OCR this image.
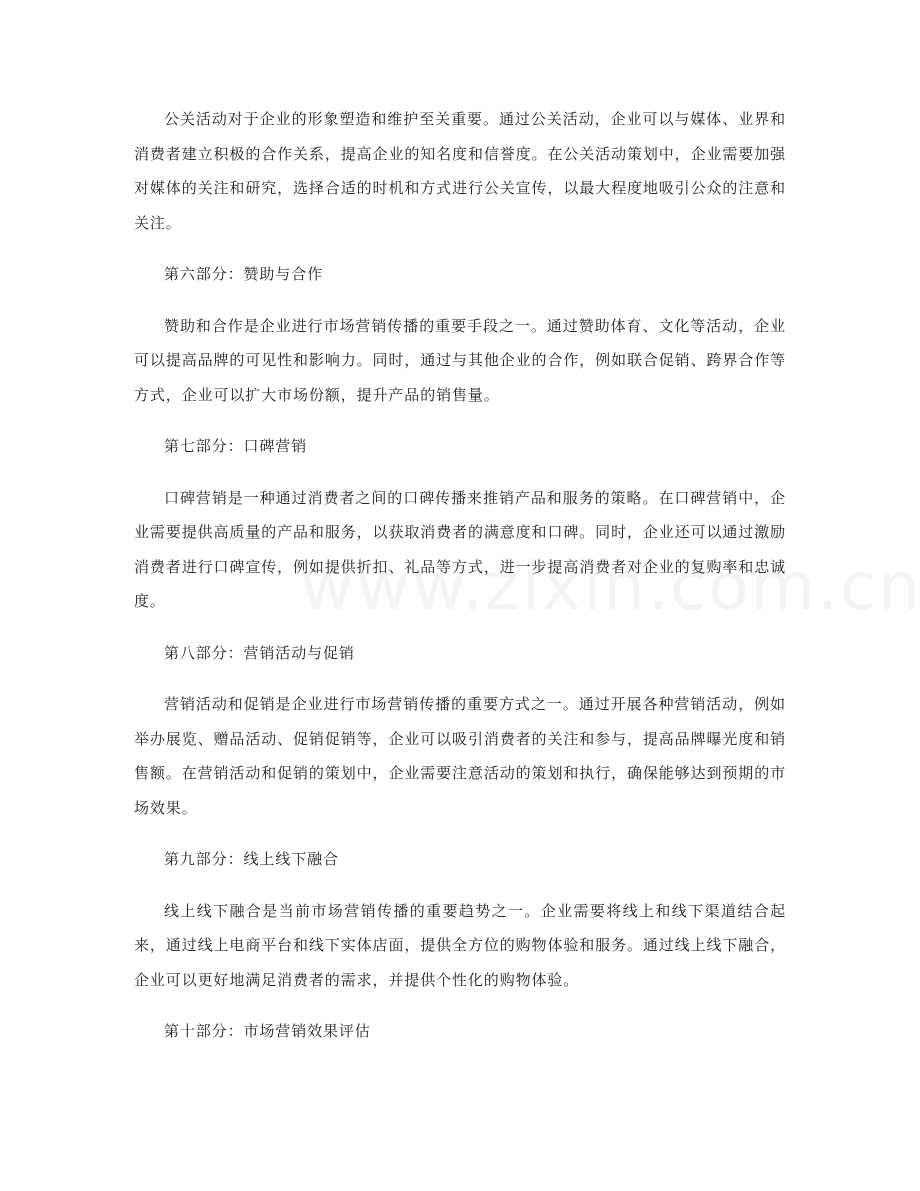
公关活动对于企业的形象塑造和维护至关重要。通过公关活动，企业可以与媒体、业界和消费者建立积极的合作关系，提高企业的知名度和信誉度。在公关活动策划中，企业需要加强对媒体的关注和研究，选择合适的时机和方式进行公关宣传，以最大程度地吸引公众的注意和关注。

第六部分：赞助与合作

赞助和合作是企业进行市场营销传播的重要手段之一。通过赞助体育、文化等活动，企业可以提高品牌的可见性和影响力。同时，通过与其他企业的合作，例如联合促销、跨界合作等方式，企业可以扩大市场份额，提升产品的销售量。

第七部分：口碑营销

口碑营销是一种通过消费者之间的口碑传播来推销产品和服务的策略。在口碑营销中，企业需要提供高质量的产品和服务，以获取消费者的满意度和口碑。同时，企业还可以通过激励消费者进行口碑宣传，例如提供折扣、礼品等方式，进一步提高消费者对企业的复购率和忠诚度。

第八部分：营销活动与促销

营销活动和促销是企业进行市场营销传播的重要方式之一。通过开展各种营销活动，例如举办展览、赠品活动、促销促销等，企业可以吸引消费者的关注和参与，提高品牌曝光度和销售额。在营销活动和促销的策划中，企业需要注意活动的策划和执行，确保能够达到预期的市场效果。

第九部分：线上线下融合

线上线下融合是当前市场营销传播的重要趋势之一。企业需要将线上和线下渠道结合起来，通过线上电商平台和线下实体店面，提供全方位的购物体验和服务。通过线上线下融合，企业可以更好地满足消费者的需求，并提供个性化的购物体验。

第十部分：市场营销效果评估
